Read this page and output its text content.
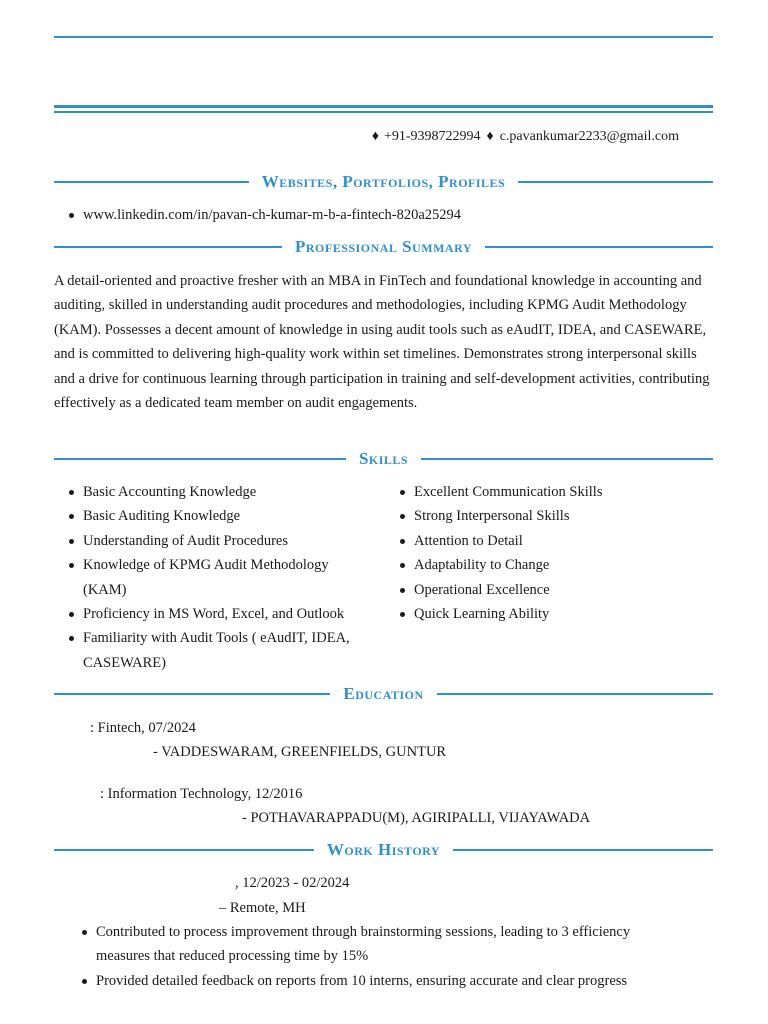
♦ +91-9398722994 ♦ c.pavankumar2233@gmail.com
Websites, Portfolios, Profiles
www.linkedin.com/in/pavan-ch-kumar-m-b-a-fintech-820a25294
Professional Summary
A detail-oriented and proactive fresher with an MBA in FinTech and foundational knowledge in accounting and auditing, skilled in understanding audit procedures and methodologies, including KPMG Audit Methodology (KAM). Possesses a decent amount of knowledge in using audit tools such as eAudIT, IDEA, and CASEWARE, and is committed to delivering high-quality work within set timelines. Demonstrates strong interpersonal skills and a drive for continuous learning through participation in training and self-development activities, contributing effectively as a dedicated team member on audit engagements.
Skills
Basic Accounting Knowledge
Basic Auditing Knowledge
Understanding of Audit Procedures
Knowledge of KPMG Audit Methodology (KAM)
Proficiency in MS Word, Excel, and Outlook
Familiarity with Audit Tools ( eAudIT, IDEA, CASEWARE)
Excellent Communication Skills
Strong Interpersonal Skills
Attention to Detail
Adaptability to Change
Operational Excellence
Quick Learning Ability
Education
: Fintech, 07/2024
- VADDESWARAM, GREENFIELDS, GUNTUR
: Information Technology, 12/2016
- POTHAVARAPPADU(M), AGIRIPALLI, VIJAYAWADA
Work History
, 12/2023 - 02/2024
– Remote, MH
Contributed to process improvement through brainstorming sessions, leading to 3 efficiency measures that reduced processing time by 15%
Provided detailed feedback on reports from 10 interns, ensuring accurate and clear progress
